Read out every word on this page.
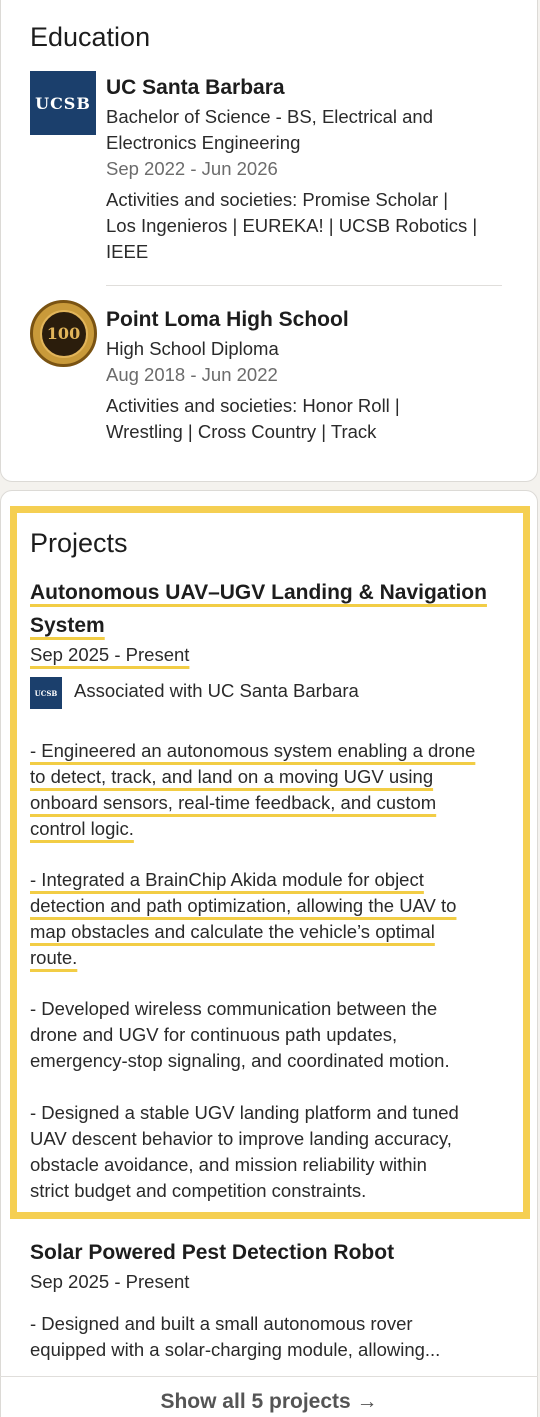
Education
UCSB
UC Santa Barbara
Bachelor of Science - BS, Electrical and
Electronics Engineering
Sep 2022 - Jun 2026
Activities and societies: Promise Scholar |
Los Ingenieros | EUREKA! | UCSB Robotics |
IEEE
100
Point Loma High School
High School Diploma
Aug 2018 - Jun 2022
Activities and societies: Honor Roll |
Wrestling | Cross Country | Track
Projects
Autonomous UAV–UGV Landing & Navigation
System
Sep 2025 - Present
UCSB Associated with UC Santa Barbara
- Engineered an autonomous system enabling a drone
to detect, track, and land on a moving UGV using
onboard sensors, real-time feedback, and custom
control logic.
- Integrated a BrainChip Akida module for object
detection and path optimization, allowing the UAV to
map obstacles and calculate the vehicle’s optimal
route.
- Developed wireless communication between the
drone and UGV for continuous path updates,
emergency-stop signaling, and coordinated motion.
- Designed a stable UGV landing platform and tuned
UAV descent behavior to improve landing accuracy,
obstacle avoidance, and mission reliability within
strict budget and competition constraints.
Solar Powered Pest Detection Robot
Sep 2025 - Present
- Designed and built a small autonomous rover
equipped with a solar-charging module, allowing...
Show all 5 projects →
